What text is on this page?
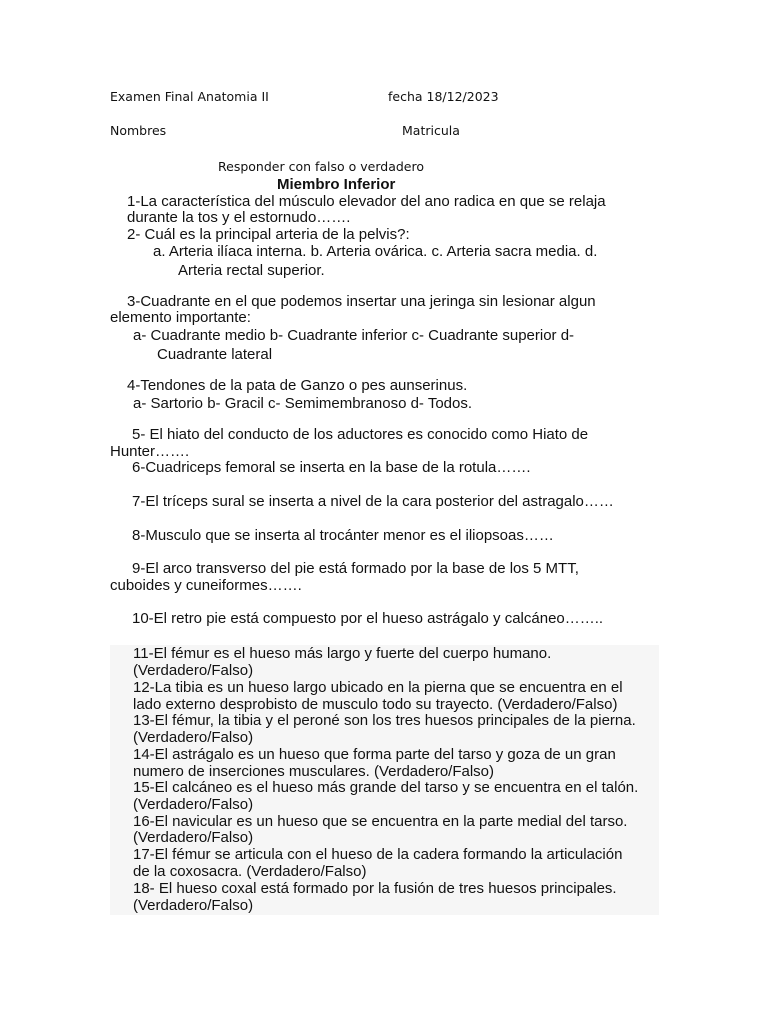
Examen Final Anatomia II	fecha 18/12/2023
Nombres	Matricula
Responder con falso o verdadero
Miembro Inferior
1-La característica del músculo elevador del ano radica en que se relaja
durante la tos y el estornudo…….
2- Cuál es la principal arteria de la pelvis?:
a. Arteria ilíaca interna. b. Arteria ovárica. c. Arteria sacra media. d.
Arteria rectal superior.
3-Cuadrante en el que podemos insertar una jeringa sin lesionar algun
elemento importante:
a- Cuadrante medio b- Cuadrante inferior c- Cuadrante superior d-
Cuadrante lateral
4-Tendones de la pata de Ganzo o pes aunserinus.
a- Sartorio b- Gracil c- Semimembranoso d- Todos.
5- El hiato del conducto de los aductores es conocido como Hiato de
Hunter…….
6-Cuadriceps femoral se inserta en la base de la rotula…….
7-El tríceps sural se inserta a nivel de la cara posterior del astragalo……
8-Musculo que se inserta al trocánter menor es el iliopsoas……
9-El arco transverso del pie está formado por la base de los 5 MTT,
cuboides y cuneiformes…….
10-El retro pie está compuesto por el hueso astrágalo y calcáneo……..
11-El fémur es el hueso más largo y fuerte del cuerpo humano.
(Verdadero/Falso)
12-La tibia es un hueso largo ubicado en la pierna que se encuentra en el
lado externo desprobisto de musculo todo su trayecto. (Verdadero/Falso)
13-El fémur, la tibia y el peroné son los tres huesos principales de la pierna.
(Verdadero/Falso)
14-El astrágalo es un hueso que forma parte del tarso y goza de un gran
numero de inserciones musculares. (Verdadero/Falso)
15-El calcáneo es el hueso más grande del tarso y se encuentra en el talón.
(Verdadero/Falso)
16-El navicular es un hueso que se encuentra en la parte medial del tarso.
(Verdadero/Falso)
17-El fémur se articula con el hueso de la cadera formando la articulación
de la coxosacra. (Verdadero/Falso)
18- El hueso coxal está formado por la fusión de tres huesos principales.
(Verdadero/Falso)
